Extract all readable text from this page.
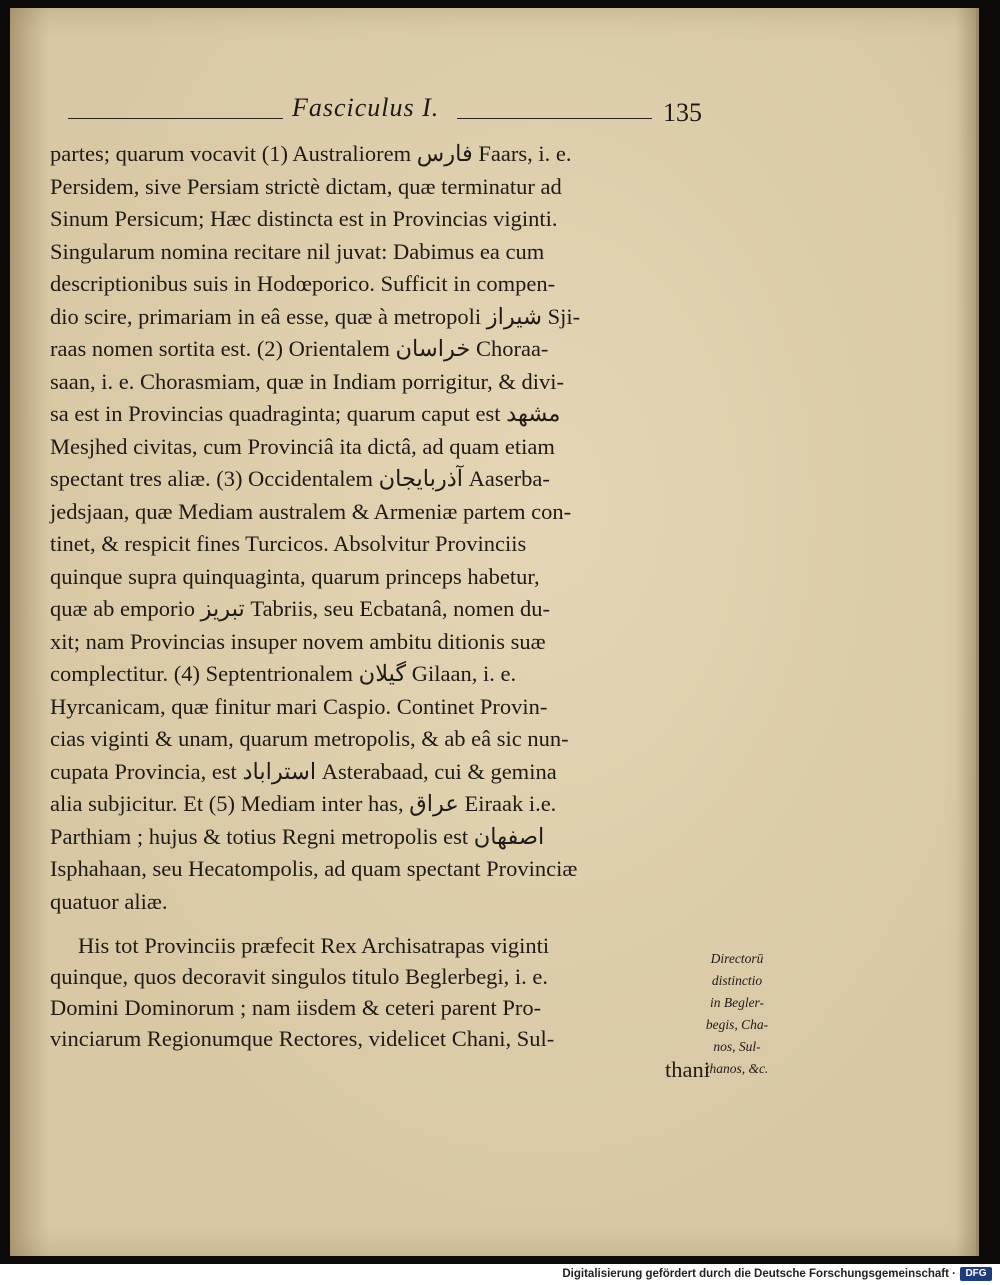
Fasciculus I.	135
partes; quarum vocavit (1) Australiorem فارس Faars, i. e.
Persidem, sive Persiam strictè dictam, quæ terminatur ad
Sinum Persicum; Hæc distincta est in Provincias viginti.
Singularum nomina recitare nil juvat: Dabimus ea cum
descriptionibus suis in Hodœporico. Sufficit in compen-
dio scire, primariam in eâ esse, quæ à metropoli شيراز Sji-
raas nomen sortita est. (2) Orientalem خراسان Choraa-
saan, i. e. Chorasmiam, quæ in Indiam porrigitur, & divi-
sa est in Provincias quadraginta; quarum caput est مشهد
Mesjhed civitas, cum Provinciâ ita dictâ, ad quam etiam
spectant tres aliæ. (3) Occidentalem آذربايجان Aaserba-
jedsjaan, quæ Mediam australem & Armeniæ partem con-
tinet, & respicit fines Turcicos. Absolvitur Provinciis
quinque supra quinquaginta, quarum princeps habetur,
quæ ab emporio تبريز Tabriis, seu Ecbatanâ, nomen du-
xit; nam Provincias insuper novem ambitu ditionis suæ
complectitur. (4) Septentrionalem گيلان Gilaan, i. e.
Hyrcanicam, quæ finitur mari Caspio. Continet Provin-
cias viginti & unam, quarum metropolis, & ab eâ sic nun-
cupata Provincia, est استراباد Asterabaad, cui & gemina
alia subjicitur. Et (5) Mediam inter has, عراق Eiraak i.e.
Parthiam ; hujus & totius Regni metropolis est اصفهان
Isphahaan, seu Hecatompolis, ad quam spectant Provinciæ
quatuor aliæ.
His tot Provinciis præfecit Rex Archisatrapas viginti
quinque, quos decoravit singulos titulo Beglerbegi, i. e.
Domini Dominorum ; nam iisdem & ceteri parent Pro-
vinciarum Regionumque Rectores, videlicet Chani, Sul-
thani
Directorū
distinctio
in Begler-
begis, Cha-
nos, Sul-
thanos, &c.
Digitalisierung gefördert durch die Deutsche Forschungsgemeinschaft · DFG
